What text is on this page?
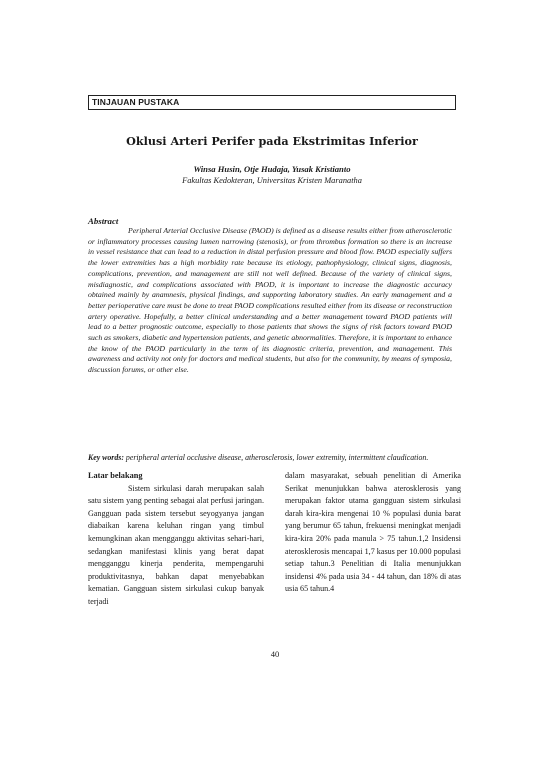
TINJAUAN PUSTAKA
Oklusi Arteri Perifer pada Ekstrimitas Inferior
Winsa Husin, Otje Hudaja, Yusak Kristianto
Fakultas Kedokteran, Universitas Kristen Maranatha
Abstract

Peripheral Arterial Occlusive Disease (PAOD) is defined as a disease results either from atherosclerotic or inflammatory processes causing lumen narrowing (stenosis), or from thrombus formation so there is an increase in vessel resistance that can lead to a reduction in distal perfusion pressure and blood flow. PAOD especially suffers the lower extremities has a high morbidity rate because its etiology, pathophysiology, clinical signs, diagnosis, complications, prevention, and management are still not well defined. Because of the variety of clinical signs, misdiagnostic, and complications associated with PAOD, it is important to increase the diagnostic accuracy obtained mainly by anamnesis, physical findings, and supporting laboratory studies. An early management and a better perioperative care must be done to treat PAOD complications resulted either from its disease or reconstruction artery operative. Hopefully, a better clinical understanding and a better management toward PAOD patients will lead to a better prognostic outcome, especially to those patients that shows the signs of risk factors toward PAOD such as smokers, diabetic and hypertension patients, and genetic abnormalities. Therefore, it is important to enhance the know of the PAOD particularly in the term of its diagnostic criteria, prevention, and management. This awareness and activity not only for doctors and medical students, but also for the community, by means of symposia, discussion forums, or other else.

Key words: peripheral arterial occlusive disease, atherosclerosis, lower extremity, intermittent claudication.

Latar belakang

Sistem sirkulasi darah merupakan salah satu sistem yang penting sebagai alat perfusi jaringan. Gangguan pada sistem tersebut seyogyanya jangan diabaikan karena keluhan ringan yang timbul kemungkinan akan mengganggu aktivitas sehari-hari, sedangkan manifestasi klinis yang berat dapat mengganggu kinerja penderita, mempengaruhi produktivitasnya, bahkan dapat menyebabkan kematian. Gangguan sistem sirkulasi cukup banyak terjadi

dalam masyarakat, sebuah penelitian di Amerika Serikat menunjukkan bahwa aterosklerosis yang merupakan faktor utama gangguan sistem sirkulasi darah kira-kira mengenai 10 % populasi dunia barat yang berumur 65 tahun, frekuensi meningkat menjadi kira-kira 20% pada manula > 75 tahun.1,2 Insidensi aterosklerosis mencapai 1,7 kasus per 10.000 populasi setiap tahun.3 Penelitian di Italia menunjukkan insidensi 4% pada usia 34 - 44 tahun, dan 18% di atas usia 65 tahun.4

40
